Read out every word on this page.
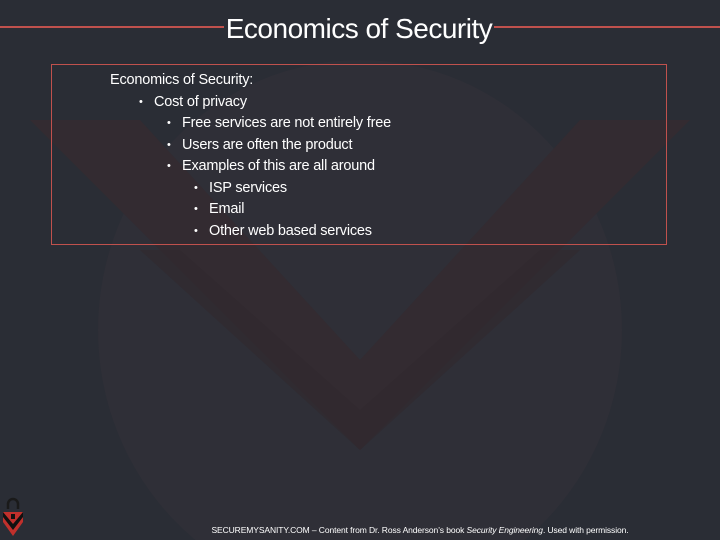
Economics of Security
Economics of Security:
• Cost of privacy
• Free services are not entirely free
• Users are often the product
• Examples of this are all around
• ISP services
• Email
• Other web based services
SECUREMYSANITY.COM – Content from Dr. Ross Anderson’s book Security Engineering. Used with permission.
